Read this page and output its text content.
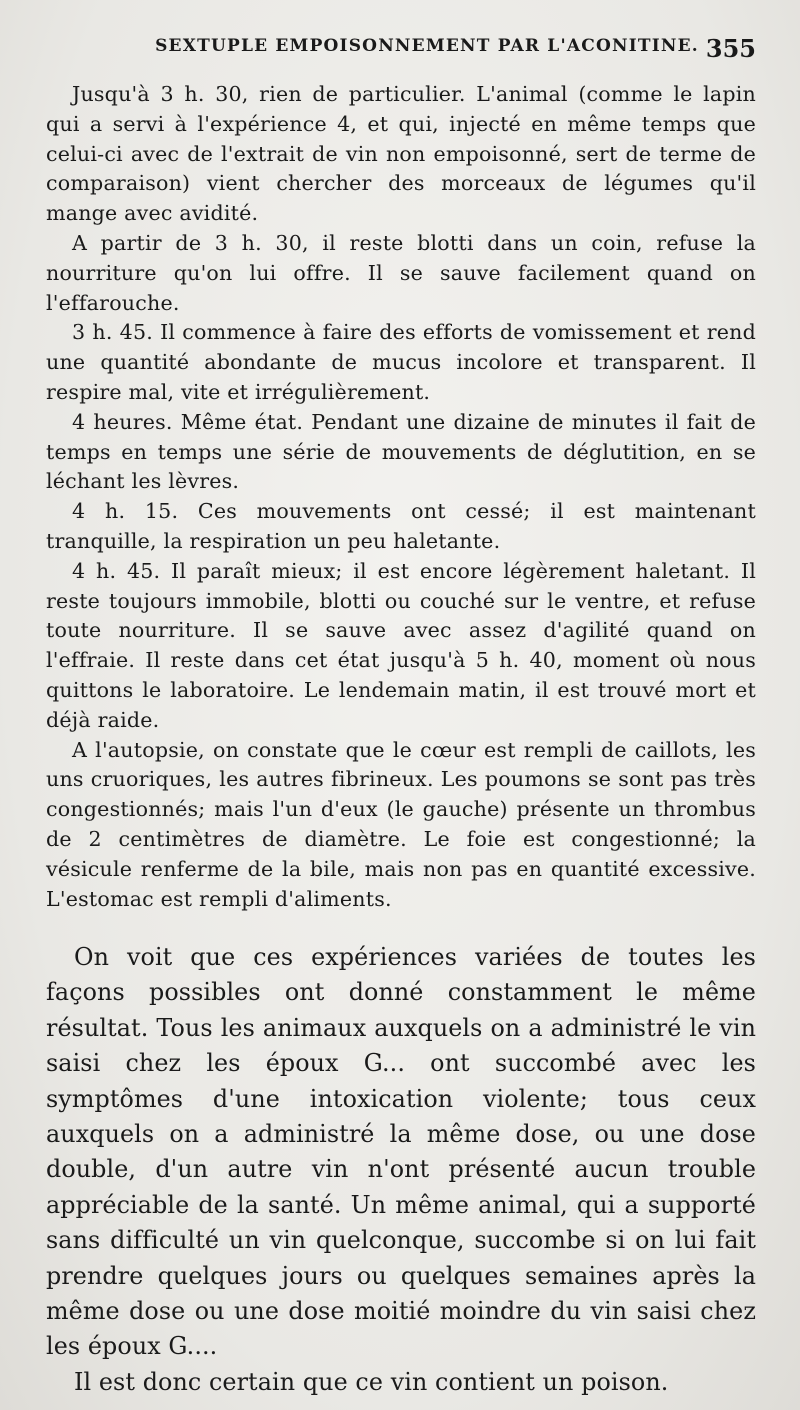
SEXTUPLE EMPOISONNEMENT PAR L'ACONITINE. 355

Jusqu'à 3 h. 30, rien de particulier. L'animal (comme le lapin qui a servi à l'expérience 4, et qui, injecté en même temps que celui-ci avec de l'extrait de vin non empoisonné, sert de terme de comparaison) vient chercher des morceaux de légumes qu'il mange avec avidité.

A partir de 3 h. 30, il reste blotti dans un coin, refuse la nourriture qu'on lui offre. Il se sauve facilement quand on l'effarouche.

3 h. 45. Il commence à faire des efforts de vomissement et rend une quantité abondante de mucus incolore et transparent. Il respire mal, vite et irrégulièrement.

4 heures. Même état. Pendant une dizaine de minutes il fait de temps en temps une série de mouvements de déglutition, en se léchant les lèvres.

4 h. 15. Ces mouvements ont cessé; il est maintenant tranquille, la respiration un peu haletante.

4 h. 45. Il paraît mieux; il est encore légèrement haletant. Il reste toujours immobile, blotti ou couché sur le ventre, et refuse toute nourriture. Il se sauve avec assez d'agilité quand on l'effraie. Il reste dans cet état jusqu'à 5 h. 40, moment où nous quittons le laboratoire. Le lendemain matin, il est trouvé mort et déjà raide.

A l'autopsie, on constate que le cœur est rempli de caillots, les uns cruoriques, les autres fibrineux. Les poumons se sont pas très congestionnés; mais l'un d'eux (le gauche) présente un thrombus de 2 centimètres de diamètre. Le foie est congestionné; la vésicule renferme de la bile, mais non pas en quantité excessive. L'estomac est rempli d'aliments.

On voit que ces expériences variées de toutes les façons possibles ont donné constamment le même résultat. Tous les animaux auxquels on a administré le vin saisi chez les époux G... ont succombé avec les symptômes d'une intoxication violente; tous ceux auxquels on a administré la même dose, ou une dose double, d'un autre vin n'ont présenté aucun trouble appréciable de la santé. Un même animal, qui a supporté sans difficulté un vin quelconque, succombe si on lui fait prendre quelques jours ou quelques semaines après la même dose ou une dose moitié moindre du vin saisi chez les époux G....

Il est donc certain que ce vin contient un poison.
